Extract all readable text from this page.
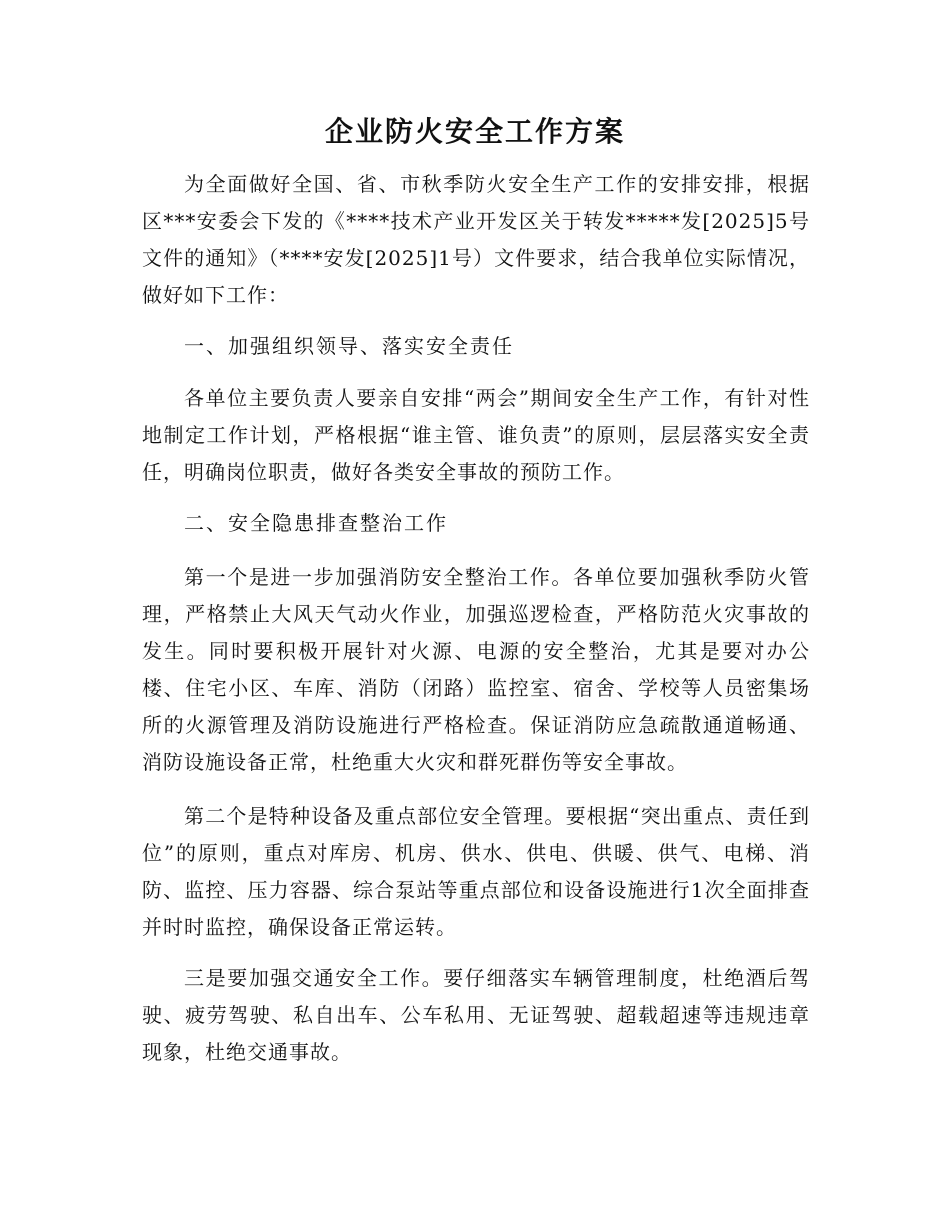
企业防火安全工作方案

为全面做好全国、省、市秋季防火安全生产工作的安排安排，根据区***安委会下发的《****技术产业开发区关于转发*****发[2025]5号文件的通知》（****安发[2025]1号）文件要求，结合我单位实际情况，做好如下工作：

一、加强组织领导、落实安全责任

各单位主要负责人要亲自安排“两会”期间安全生产工作，有针对性地制定工作计划，严格根据“谁主管、谁负责”的原则，层层落实安全责任，明确岗位职责，做好各类安全事故的预防工作。

二、安全隐患排查整治工作

第一个是进一步加强消防安全整治工作。各单位要加强秋季防火管理，严格禁止大风天气动火作业，加强巡逻检查，严格防范火灾事故的发生。同时要积极开展针对火源、电源的安全整治，尤其是要对办公楼、住宅小区、车库、消防（闭路）监控室、宿舍、学校等人员密集场所的火源管理及消防设施进行严格检查。保证消防应急疏散通道畅通、消防设施设备正常，杜绝重大火灾和群死群伤等安全事故。

第二个是特种设备及重点部位安全管理。要根据“突出重点、责任到位”的原则，重点对库房、机房、供水、供电、供暖、供气、电梯、消防、监控、压力容器、综合泵站等重点部位和设备设施进行1次全面排查并时时监控，确保设备正常运转。

三是要加强交通安全工作。要仔细落实车辆管理制度，杜绝酒后驾驶、疲劳驾驶、私自出车、公车私用、无证驾驶、超载超速等违规违章现象，杜绝交通事故。
